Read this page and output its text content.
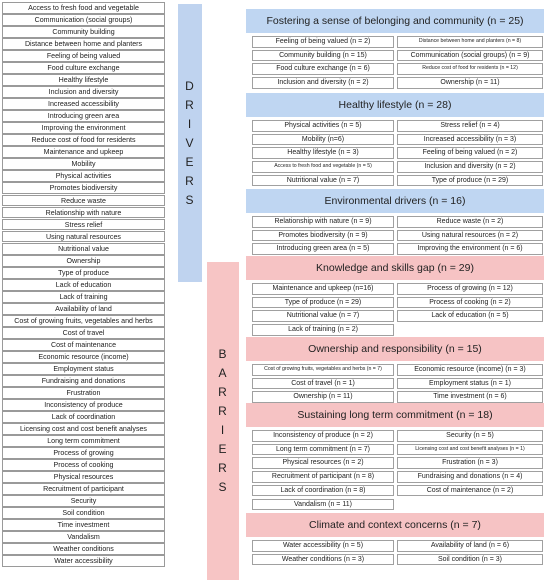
Access to fresh food and vegetable
Communication (social groups)
Community building
Distance between home and planters
Feeling of being valued
Food culture exchange
Healthy lifestyle
Inclusion and diversity
Increased accessibility
Introducing green area
Improving the environment
Reduce cost of food for residents
Maintenance and upkeep
Mobility
Physical activities
Promotes biodiversity
Reduce waste
Relationship with nature
Stress relief
Using natural resources
Nutritional value
Ownership
Type of produce
Lack of education
Lack of training
Availability of land
Cost of growing fruits, vegetables and herbs
Cost of travel
Cost of maintenance
Economic resource (income)
Employment status
Fundraising and donations
Frustration
Inconsistency of produce
Lack of coordination
Licensing cost and cost benefit analyses
Long term commitment
Process of growing
Process of cooking
Physical resources
Recruitment of participant
Security
Soil condition
Time investment
Vandalism
Weather conditions
Water accessibility
D
R
I
V
E
R
S
B
A
R
R
I
E
R
S
Fostering a sense of belonging and community (n = 25)
Feeling of being valued (n = 2)	Distance between home and planters (n = 8)
Community building (n = 15)	Communication (social groups) (n = 9)
Food culture exchange (n = 6)	Reduce cost of food for residents (n = 12)
Inclusion and diversity (n = 2)	Ownership (n = 11)
Healthy lifestyle (n = 28)
Physical activities (n = 5)	Stress relief (n = 4)
Mobility (n=6)	Increased accessibility (n = 3)
Healthy lifestyle (n = 3)	Feeling of being valued (n = 2)
Access to fresh food and vegetable (n = 5)	Inclusion and diversity (n = 2)
Nutritional value (n = 7)	Type of produce (n = 29)
Environmental drivers (n = 16)
Relationship with nature (n = 9)	Reduce waste (n = 2)
Promotes biodiversity (n = 9)	Using natural resources (n = 2)
Introducing green area (n = 5)	Improving the environment (n = 6)
Knowledge and skills gap (n = 29)
Maintenance and upkeep (n=16)	Process of growing (n = 12)
Type of produce (n = 29)	Process of cooking (n = 2)
Nutritional value (n = 7)	Lack of education (n = 5)
Lack of training (n = 2)
Ownership and responsibility (n = 15)
Cost of growing fruits, vegetables and herbs (n = 7)	Economic resource (income) (n = 3)
Cost of travel (n = 1)	Employment status (n = 1)
Ownership (n = 11)	Time investment (n = 6)
Sustaining long term commitment (n = 18)
Inconsistency of produce (n = 2)	Security (n = 5)
Long term commitment (n = 7)	Licensing cost and cost benefit analyses (n = 1)
Physical resources (n = 2)	Frustration (n = 3)
Recruitment of participant (n = 8)	Fundraising and donations (n = 4)
Lack of coordination (n = 8)	Cost of maintenance (n = 2)
Vandalism (n = 11)
Climate and context concerns (n = 7)
Water accessibility (n = 5)	Availability of land (n = 6)
Weather conditions (n = 3)	Soil condition (n = 3)
